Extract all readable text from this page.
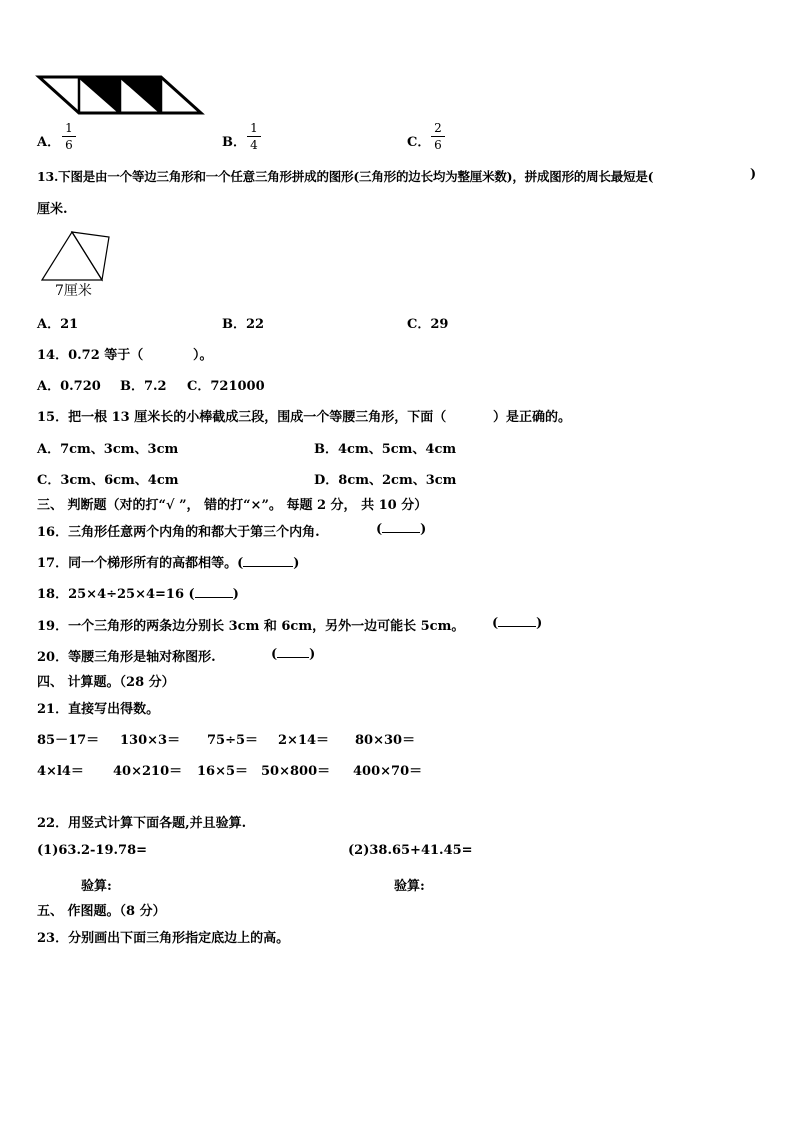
A． $\frac{1}{6}$	B． $\frac{1}{4}$	C． $\frac{2}{6}$
13.下图是由一个等边三角形和一个任意三角形拼成的图形(三角形的边长均为整厘米数)，拼成图形的周长最短是(	)
厘米.
7厘米
A．21	B．22	C．29
14．0.72 等于（	）。
A．0.720 B．7.2 C．721000
15．把一根 13 厘米长的小棒截成三段，围成一个等腰三角形，下面（	）是正确的。
A．7cm、3cm、3cm	B．4cm、5cm、4cm
C．3cm、6cm、4cm	D．8cm、2cm、3cm
三、 判断题（对的打“√ ”， 错的打“×”。 每题 2 分， 共 10 分）
16．三角形任意两个内角的和都大于第三个内角.	(	)
17．同一个梯形所有的高都相等。(	)
18．25×4÷25×4=16 (	)
19．一个三角形的两条边分别长 3cm 和 6cm，另外一边可能长 5cm。 (	)
20．等腰三角形是轴对称图形.	( )
四、 计算题。（28 分）
21．直接写出得数。
85－17＝ 130×3＝ 75÷5＝ 2×14＝ 80×30＝
4×l4＝ 40×210＝ 16×5＝ 50×800＝ 400×70＝
22．用竖式计算下面各题,并且验算.
(1)63.2-19.78=	(2)38.65+41.45=
验算:	验算:
五、 作图题。（8 分）
23．分别画出下面三角形指定底边上的高。
